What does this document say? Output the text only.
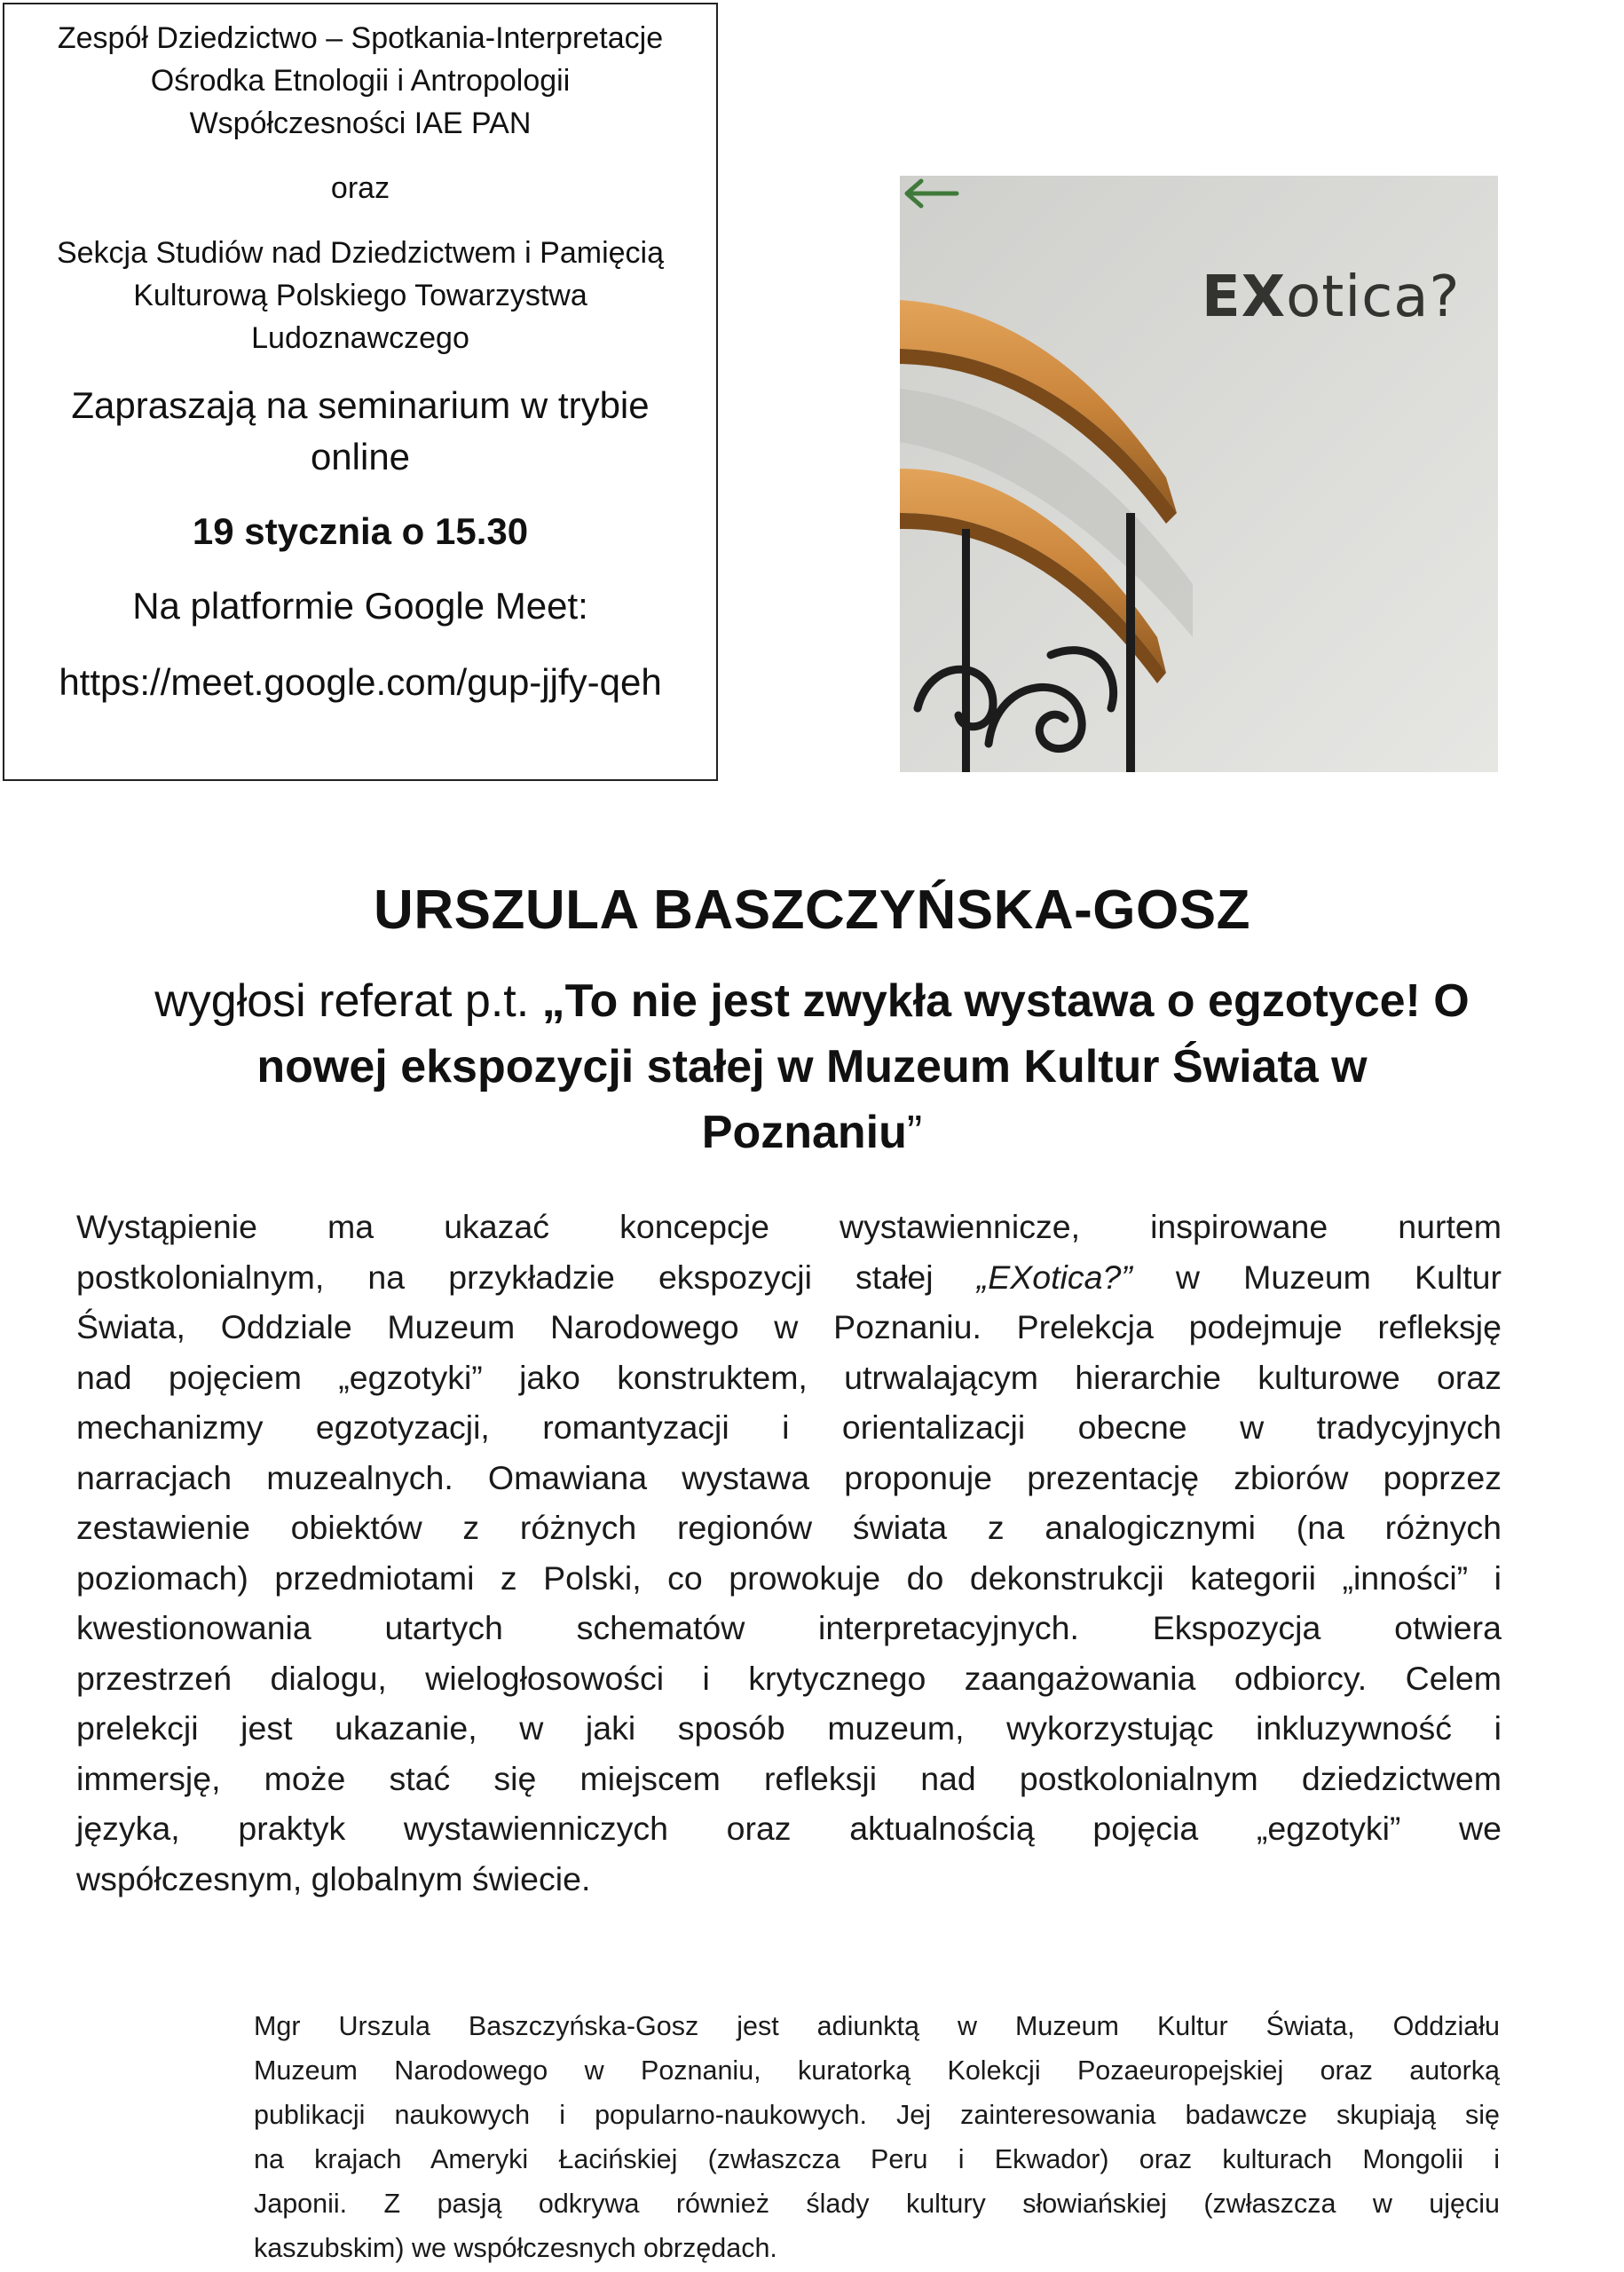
Zespół Dziedzictwo – Spotkania-Interpretacje
Ośrodka Etnologii i Antropologii
Współczesności IAE PAN
oraz
Sekcja Studiów nad Dziedzictwem i Pamięcią
Kulturową Polskiego Towarzystwa
Ludoznawczego
Zapraszają na seminarium w trybie
online
19 stycznia o 15.30
Na platformie Google Meet:
https://meet.google.com/gup-jjfy-qeh
EXotica?
URSZULA BASZCZYŃSKA-GOSZ
wygłosi referat p.t. „To nie jest zwykła wystawa o egzotyce! O
nowej ekspozycji stałej w Muzeum Kultur Świata w
Poznaniu”
Wystąpienie ma ukazać koncepcje wystawiennicze, inspirowane nurtem
postkolonialnym, na przykładzie ekspozycji stałej „EXotica?” w Muzeum Kultur
Świata, Oddziale Muzeum Narodowego w Poznaniu. Prelekcja podejmuje refleksję
nad pojęciem „egzotyki” jako konstruktem, utrwalającym hierarchie kulturowe oraz
mechanizmy egzotyzacji, romantyzacji i orientalizacji obecne w tradycyjnych
narracjach muzealnych. Omawiana wystawa proponuje prezentację zbiorów poprzez
zestawienie obiektów z różnych regionów świata z analogicznymi (na różnych
poziomach) przedmiotami z Polski, co prowokuje do dekonstrukcji kategorii „inności” i
kwestionowania utartych schematów interpretacyjnych. Ekspozycja otwiera
przestrzeń dialogu, wielogłosowości i krytycznego zaangażowania odbiorcy. Celem
prelekcji jest ukazanie, w jaki sposób muzeum, wykorzystując inkluzywność i
immersję, może stać się miejscem refleksji nad postkolonialnym dziedzictwem
języka, praktyk wystawienniczych oraz aktualnością pojęcia „egzotyki” we
współczesnym, globalnym świecie.
Mgr Urszula Baszczyńska-Gosz jest adiunktą w Muzeum Kultur Świata, Oddziału
Muzeum Narodowego w Poznaniu, kuratorką Kolekcji Pozaeuropejskiej oraz autorką
publikacji naukowych i popularno-naukowych. Jej zainteresowania badawcze skupiają się
na krajach Ameryki Łacińskiej (zwłaszcza Peru i Ekwador) oraz kulturach Mongolii i
Japonii. Z pasją odkrywa również ślady kultury słowiańskiej (zwłaszcza w ujęciu
kaszubskim) we współczesnych obrzędach.
